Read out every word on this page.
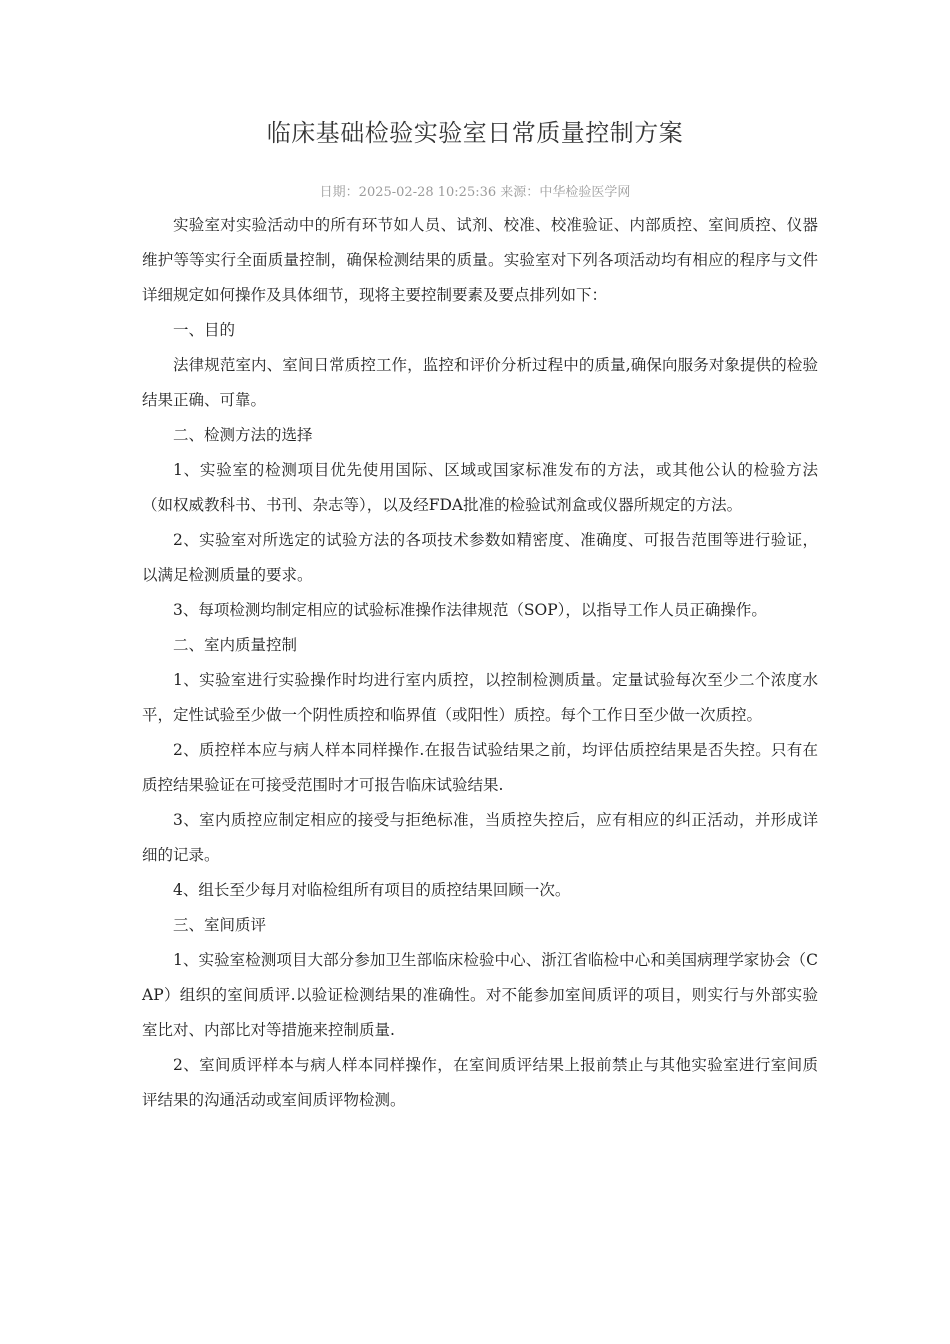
临床基础检验实验室日常质量控制方案
日期：2025-02-28 10:25:36 来源：中华检验医学网

实验室对实验活动中的所有环节如人员、试剂、校准、校准验证、内部质控、室间质控、仪器维护等等实行全面质量控制，确保检测结果的质量。实验室对下列各项活动均有相应的程序与文件详细规定如何操作及具体细节，现将主要控制要素及要点排列如下：

一、目的

法律规范室内、室间日常质控工作，监控和评价分析过程中的质量,确保向服务对象提供的检验结果正确、可靠。

二、检测方法的选择

1、实验室的检测项目优先使用国际、区域或国家标准发布的方法，或其他公认的检验方法（如权威教科书、书刊、杂志等），以及经FDA批准的检验试剂盒或仪器所规定的方法。

2、实验室对所选定的试验方法的各项技术参数如精密度、准确度、可报告范围等进行验证，以满足检测质量的要求。

3、每项检测均制定相应的试验标准操作法律规范（SOP），以指导工作人员正确操作。

二、室内质量控制

1、实验室进行实验操作时均进行室内质控，以控制检测质量。定量试验每次至少二个浓度水平，定性试验至少做一个阴性质控和临界值（或阳性）质控。每个工作日至少做一次质控。

2、质控样本应与病人样本同样操作.在报告试验结果之前，均评估质控结果是否失控。只有在质控结果验证在可接受范围时才可报告临床试验结果.

3、室内质控应制定相应的接受与拒绝标准，当质控失控后，应有相应的纠正活动，并形成详细的记录。

4、组长至少每月对临检组所有项目的质控结果回顾一次。

三、室间质评

1、实验室检测项目大部分参加卫生部临床检验中心、浙江省临检中心和美国病理学家协会（CAP）组织的室间质评.以验证检测结果的准确性。对不能参加室间质评的项目，则实行与外部实验室比对、内部比对等措施来控制质量.

2、室间质评样本与病人样本同样操作，在室间质评结果上报前禁止与其他实验室进行室间质评结果的沟通活动或室间质评物检测。
